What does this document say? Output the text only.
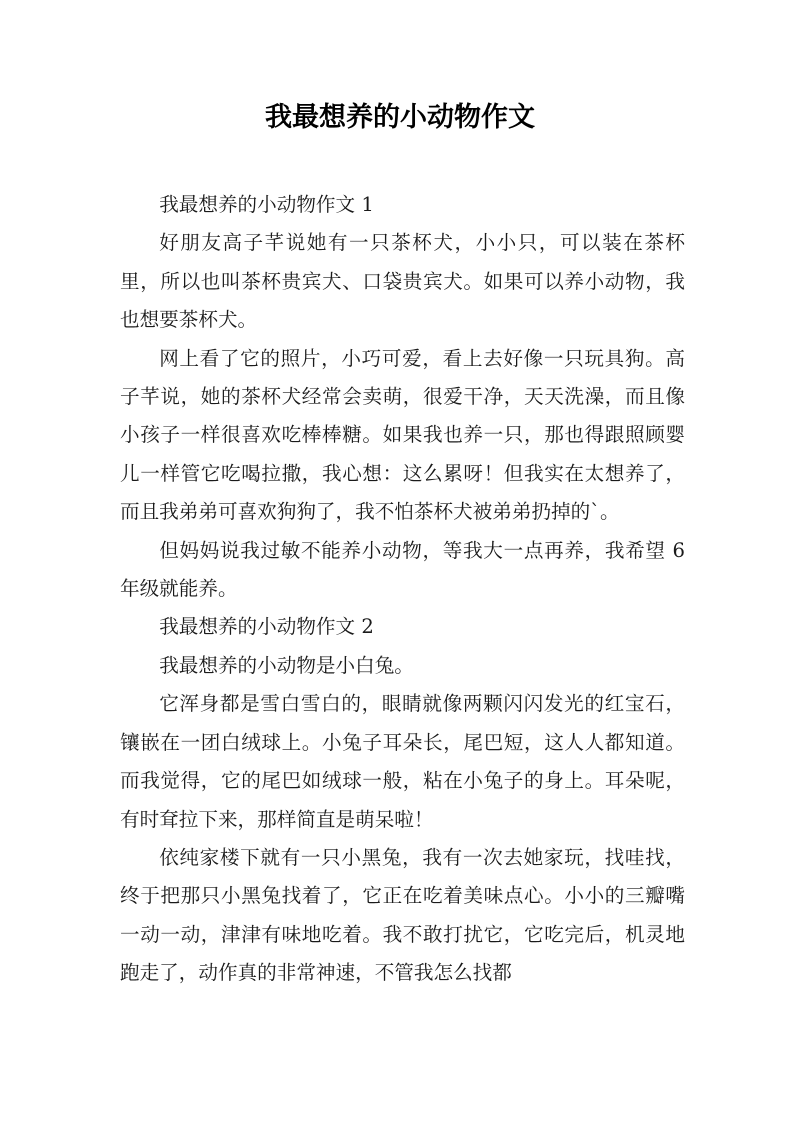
我最想养的小动物作文

我最想养的小动物作文 1

好朋友高子芊说她有一只茶杯犬，小小只，可以装在茶杯里，所以也叫茶杯贵宾犬、口袋贵宾犬。如果可以养小动物，我也想要茶杯犬。

网上看了它的照片，小巧可爱，看上去好像一只玩具狗。高子芊说，她的茶杯犬经常会卖萌，很爱干净，天天洗澡，而且像小孩子一样很喜欢吃棒棒糖。如果我也养一只，那也得跟照顾婴儿一样管它吃喝拉撒，我心想：这么累呀！但我实在太想养了，而且我弟弟可喜欢狗狗了，我不怕茶杯犬被弟弟扔掉的`。

但妈妈说我过敏不能养小动物，等我大一点再养，我希望 6 年级就能养。

我最想养的小动物作文 2

我最想养的小动物是小白兔。

它浑身都是雪白雪白的，眼睛就像两颗闪闪发光的红宝石，镶嵌在一团白绒球上。小兔子耳朵长，尾巴短，这人人都知道。而我觉得，它的尾巴如绒球一般，粘在小兔子的身上。耳朵呢，有时耷拉下来，那样简直是萌呆啦！

依纯家楼下就有一只小黑兔，我有一次去她家玩，找哇找，终于把那只小黑兔找着了，它正在吃着美味点心。小小的三瓣嘴一动一动，津津有味地吃着。我不敢打扰它，它吃完后，机灵地跑走了，动作真的非常神速，不管我怎么找都
